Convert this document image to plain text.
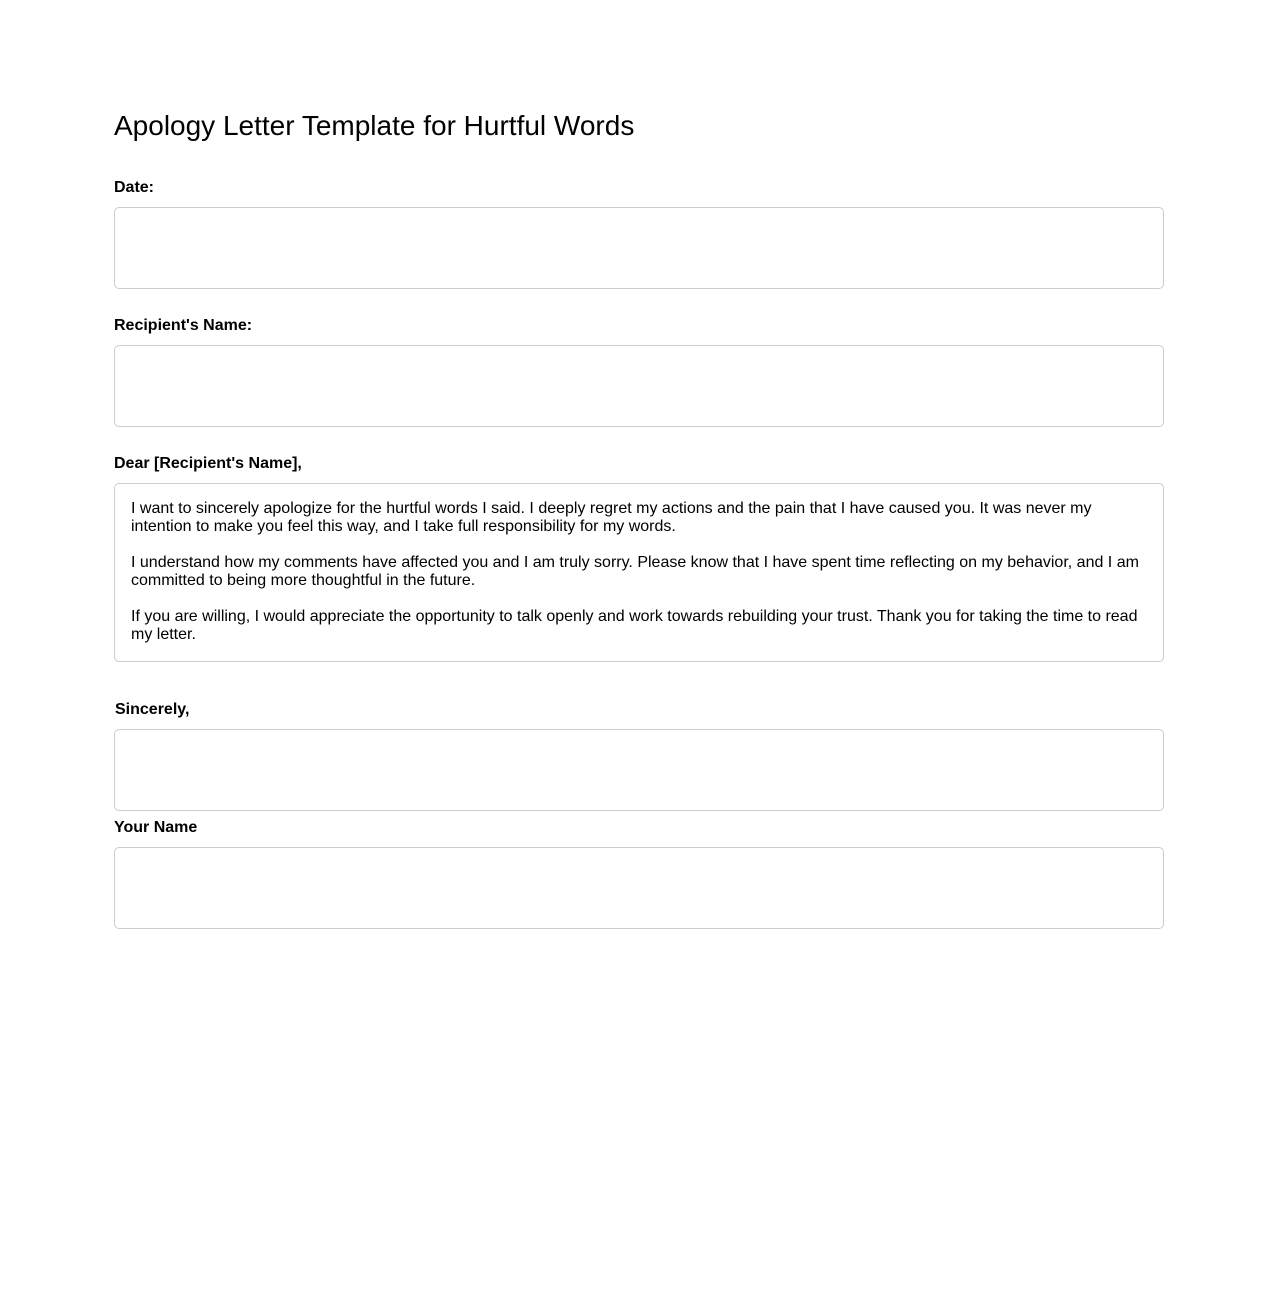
Apology Letter Template for Hurtful Words
Date:
Recipient's Name:
Dear [Recipient's Name],

I want to sincerely apologize for the hurtful words I said. I deeply regret my actions and the pain that I have caused you. It was never my intention to make you feel this way, and I take full responsibility for my words.

I understand how my comments have affected you and I am truly sorry. Please know that I have spent time reflecting on my behavior, and I am committed to being more thoughtful in the future.

If you are willing, I would appreciate the opportunity to talk openly and work towards rebuilding your trust. Thank you for taking the time to read my letter.

Sincerely,
Your Name
